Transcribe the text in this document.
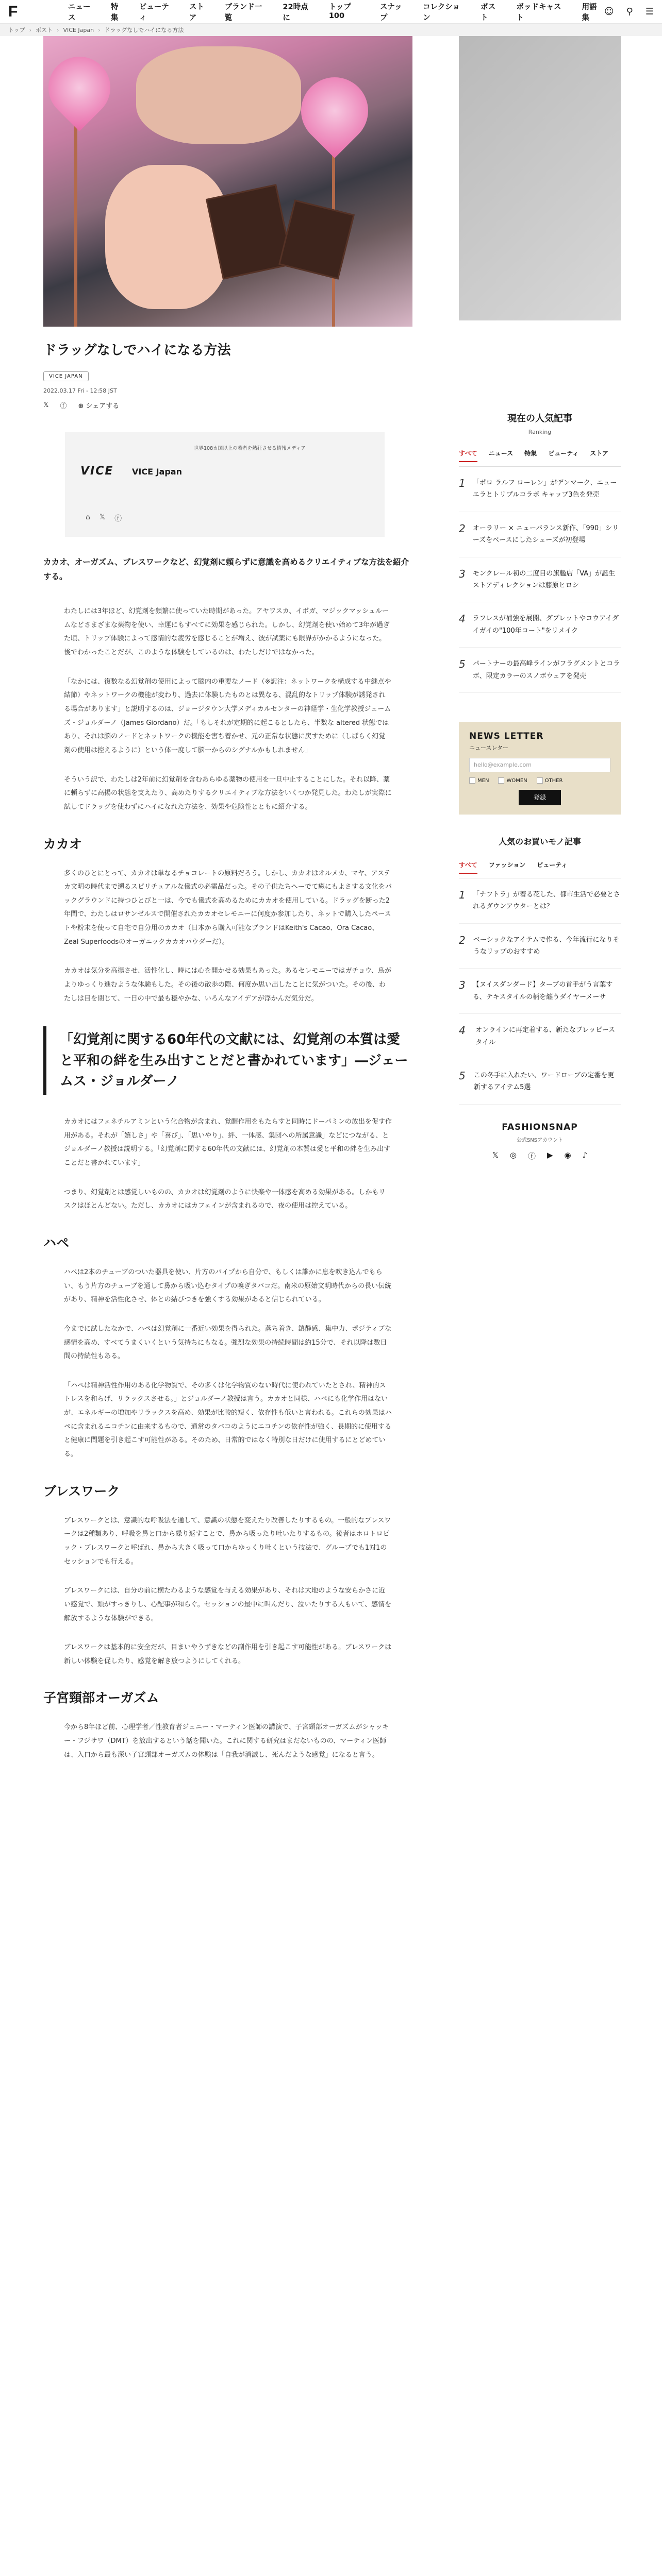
F	ニュース
特集
ビューティ
ストア
ブランド一覧
22時点に
トップ100
スナップ
コレクション
ポスト
ボッドキャスト
用語集
☺ ⚲ ☰
トップ › ポスト › VICE Japan › ドラッグなしでハイになる方法
ドラッグなしでハイになる方法
VICE JAPAN
2022.03.17 Fri - 12:58 JST
𝕏 ⓕ ⊕ シェアする
世界108カ国以上の若者を熱狂させる情報メディア
VICE VICE Japan
⌂ 𝕏 ⓕ
カカオ、オーガズム、ブレスワークなど、幻覚剤に頼らずに意識を高めるクリエイティブな方法を紹介する。
わたしには3年ほど、幻覚剤を頻繁に使っていた時期があった。アヤワスカ、イボガ、マジックマッシュルームなどさまざまな薬物を使い、幸運にもすべてに効果を感じられた。しかし、幻覚剤を使い始めて3年が過ぎた頃、トリップ体験によって感情的な疲労を感じることが増え、彼が試薬にも限界がかかるようになった。後でわかったことだが、このような体験をしているのは、わたしだけではなかった。
「なかには、復数なる幻覚剤の使用によって脳内の重要なノード（※訳注：ネットワークを構成する中継点や結節）やネットワークの機能が変わり、過去に体験したものとは異なる、混乱的なトリップ体験が誘発される場合があります」と説明するのは、ジョージタウン大学メディカルセンターの神経学・生化学教授ジェームズ・ジョルダーノ（James Giordano）だ。「もしそれが定期的に起こるとしたら、半数な altered 状態ではあり、それは脳のノードとネットワークの機能を害ち着かせ、元の正常な状態に戻すために（しばらく幻覚剤の使用は控えるように）という体一度して脳一からのシグナルかもしれません」
そういう訳で、わたしは2年前に幻覚剤を含むあらゆる薬物の使用を一旦中止することにした。それ以降、薬に頼らずに高揚の状態を支えたり、高めたりするクリエイティブな方法をいくつか発見した。わたしが実際に試してドラッグを使わずにハイになれた方法を、効果や危険性とともに紹介する。
カカオ
多くのひとにとって、カカオは単なるチョコレートの原料だろう。しかし、カカオはオルメカ、マヤ、アステカ文明の時代まで遡るスピリチュアルな儀式の必需品だった。その子供たちへーでて癒にもよさする文化をバックグラウンドに持つひとびと一は、今でも儀式を高めるためにカカオを使用している。ドラッグを断った2年間で、わたしはロサンゼルスで開催されたカカオセレモニーに何度か参加したり、ネットで購入したペーストや粉末を使って自宅で自分用のカカオ（日本から購入可能なブランドはKeith's Cacao、Ora Cacao、Zeal Superfoodsのオーガニックカカオパウダーだ）。
カカオは気分を高揚させ、活性化し、時には心を開かせる効果もあった。あるセレモニーではガチョウ、鳥がよりゆっくり進むような体験もした。その後の散歩の際、何度か思い出したことに気がついた。その後、わたしは目を閉じて、一日の中で最も穏やかな、いろんなアイデアが浮かんだ気分だ。
「幻覚剤に関する60年代の文献には、幻覚剤の本質は愛と平和の絆を生み出すことだと書かれています」―ジェームス・ジョルダーノ
カカオにはフェネチルアミンという化合物が含まれ、覚醒作用をもたらすと同時にドーパミンの放出を促す作用がある。それが「嬉しさ」や「喜び」、「思いやり」、絆、一体感、集団への所属意識」などにつながる、とジョルダーノ教授は説明する。「幻覚剤に関する60年代の文献には、幻覚剤の本質は愛と平和の絆を生み出すことだと書かれています」
つまり、幻覚剤とは感覚しいものの、カカオは幻覚剤のように快楽や一体感を高める効果がある。しかもリスクはほとんどない。ただし、カカオにはカフェインが含まれるので、夜の使用は控えている。
ハペ
ハペは2本のチューブのついた器具を使い、片方のパイプから自分で、もしくは誰かに息を吹き込んでもらい、もう片方のチューブを通して鼻から吸い込むタイプの嗅ぎタバコだ。南米の原始文明時代からの長い伝統があり、精神を活性化させ、体との結びつきを強くする効果があると信じられている。
今までに試したなかで、ハペは幻覚剤に一番近い効果を得られた。落ち着き、鎮静感、集中力、ポジティブな感情を高め、すべてうまくいくという気持ちにもなる。強烈な効果の持続時間は約15分で、それ以降は数日間の持続性もある。
「ハペは精神活性作用のある化学物質で、その多くは化学物質のない時代に使われていたとされ、精神的ストレスを和らげ、リラックスさせる。」とジョルダーノ教授は言う。カカオと同様、ハペにも化学作用はないが、エネルギーの増加やリラックスを高め、効果が比較的短く、依存性も低いと言われる。これらの効果はハペに含まれるニコチンに由来するもので、通常のタバコのようにニコチンの依存性が強く、長期的に使用すると健康に問題を引き起こす可能性がある。そのため、日常的ではなく特別な日だけに使用するにとどめている。
ブレスワーク
ブレスワークとは、意識的な呼吸法を通して、意識の状態を変えたり改善したりするもの。一般的なブレスワークは2種類あり、呼吸を鼻と口から繰り返すことで、鼻から吸ったり吐いたりするもの。後者はホロトロピック・ブレスワークと呼ばれ、鼻から大きく吸って口からゆっくり吐くという技法で、グループでも1対1のセッションでも行える。
ブレスワークには、自分の前に横たわるような感覚を与える効果があり、それは大地のような安らかさに近い感覚で、頭がすっきりし、心配事が和らぐ。セッションの最中に叫んだり、泣いたりする人もいて、感情を解放するような体験ができる。
ブレスワークは基本的に安全だが、目まいやうずきなどの副作用を引き起こす可能性がある。ブレスワークは新しい体験を促したり、感覚を解き放つようにしてくれる。
子宮頸部オーガズム
今から8年ほど前、心理学者／性教育者ジェニー・マーティン医師の講演で、子宮頸部オーガズムがシャッキー・フジサワ（DMT）を放出するという話を聞いた。これに関する研究はまだないものの、マーティン医師は、入口から最も深い子宮頸部オーガズムの体験は「自我が消滅し、死んだような感覚」になると言う。
現在の人気記事
Ranking
すべて ニュース 特集 ビューティ ストア
1 「ポロ ラルフ ローレン」がデンマーク、ニューエラとトリプルコラボ キャップ3色を発売
2 オーラリー × ニューバランス新作、「990」シリーズをベースにしたシューズが初登場
3 モンクレール初の二度目の旗艦店「VA」が誕生 ストアディレクションは藤原ヒロシ
4 ラフレスが補強を展開、ダブレットやコウアイダイガイの"100年コート"をリメイク
5 パートナーの最高峰ラインがフラグメントとコラボ、限定カラーのスノボウェアを発売
NEWS LETTER
ニュースレター
hello@example.com
MEN	WOMEN	OTHER
登録
人気のお買いモノ記事
すべて ファッション ビューティ
1 「ナフトラ」が着る花した、都市生活で必要とされるダウンアウターとは？
2 ベーシックなアイテムで作る、今年流行になりそうなリップのおすすめ
3 【ヌイスダンダード】ターブの首手がう言葉する、テキスタイルの柄を纏うダイヤーメーサ
4	オンラインに再定着する、新たなブレッピースタイル
5 この冬手に入れたい、ワードローブの定番を更新するアイテム5選
FASHIONSNAP
公式SNSアカウント
𝕏 ◎ ⓕ ▶ ◉ ♪
